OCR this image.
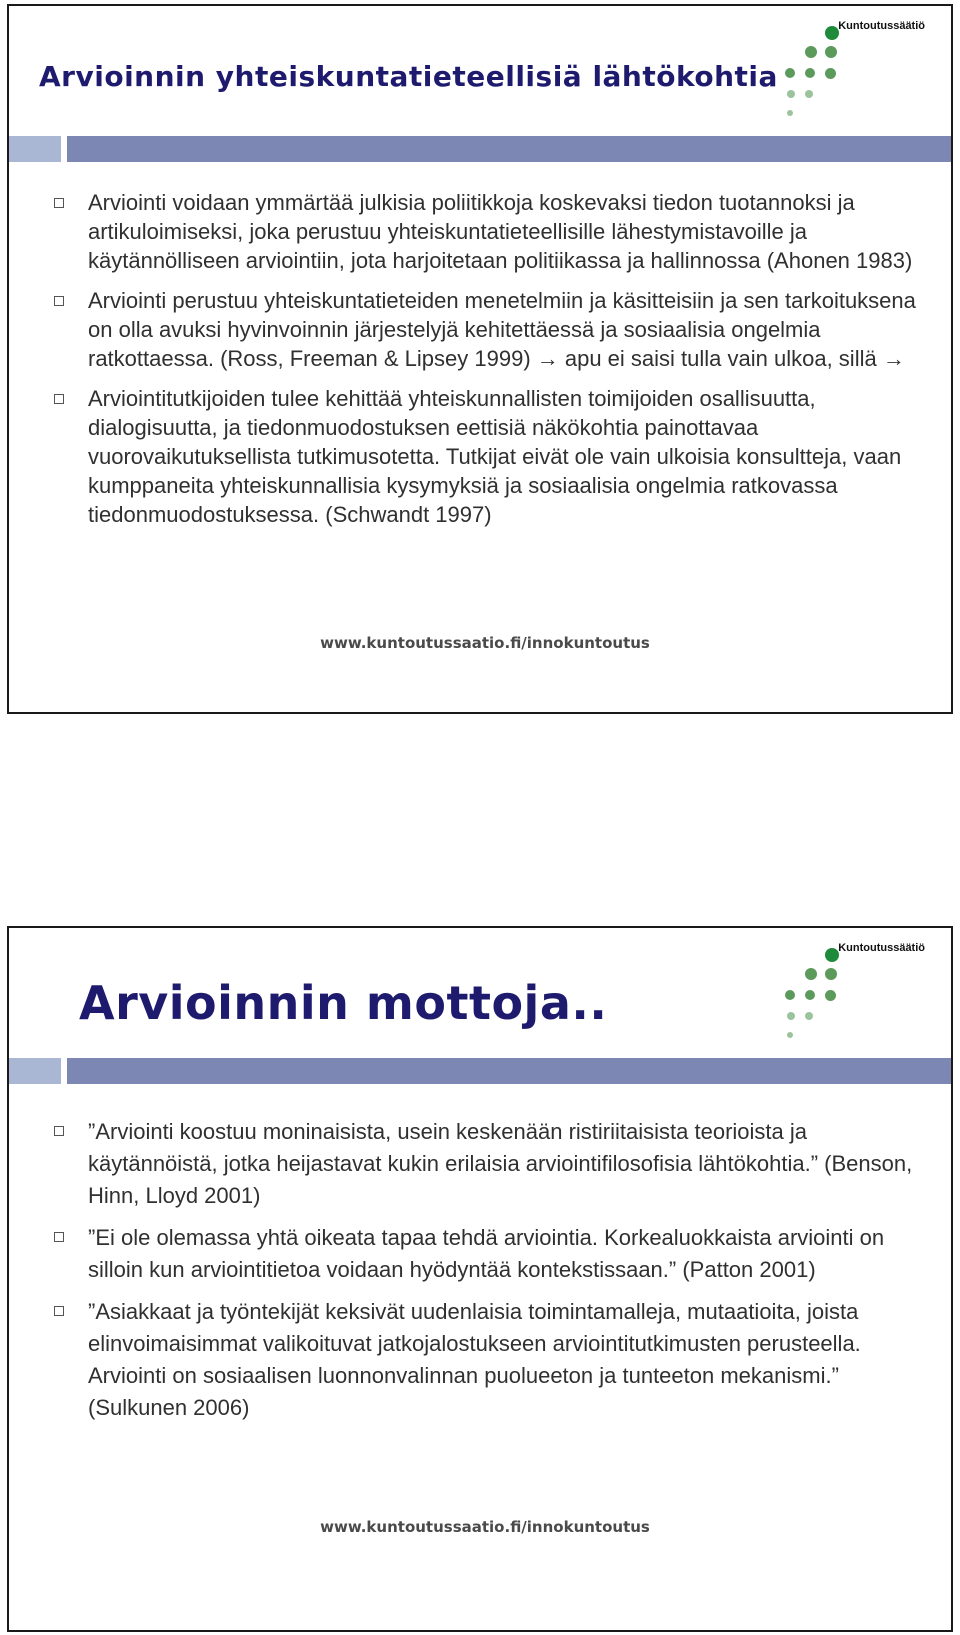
Kuntoutussäätiö
Arvioinnin yhteiskuntatieteellisiä lähtökohtia
Arviointi voidaan ymmärtää julkisia poliitikkoja koskevaksi tiedon tuotannoksi ja artikuloimiseksi, joka perustuu yhteiskuntatieteellisille lähestymistavoille ja käytännölliseen arviointiin, jota harjoitetaan politiikassa ja hallinnossa (Ahonen 1983)
Arviointi perustuu yhteiskuntatieteiden menetelmiin ja käsitteisiin ja sen tarkoituksena on olla avuksi hyvinvoinnin järjestelyjä kehitettäessä ja sosiaalisia ongelmia ratkottaessa. (Ross, Freeman & Lipsey 1999) → apu ei saisi tulla vain ulkoa, sillä →
Arviointitutkijoiden tulee kehittää yhteiskunnallisten toimijoiden osallisuutta, dialogisuutta, ja tiedonmuodostuksen eettisiä näkökohtia painottavaa vuorovaikutuksellista tutkimusotetta. Tutkijat eivät ole vain ulkoisia konsultteja, vaan kumppaneita yhteiskunnallisia kysymyksiä ja sosiaalisia ongelmia ratkovassa tiedonmuodostuksessa. (Schwandt 1997)
www.kuntoutussaatio.fi/innokuntoutus
Kuntoutussäätiö
Arvioinnin mottoja..
”Arviointi koostuu moninaisista, usein keskenään ristiriitaisista teorioista ja käytännöistä, jotka heijastavat kukin erilaisia arviointifilosofisia lähtökohtia.” (Benson, Hinn, Lloyd 2001)
”Ei ole olemassa yhtä oikeata tapaa tehdä arviointia. Korkealuokkaista arviointi on silloin kun arviointitietoa voidaan hyödyntää kontekstissaan.” (Patton 2001)
”Asiakkaat ja työntekijät keksivät uudenlaisia toimintamalleja, mutaatioita, joista elinvoimaisimmat valikoituvat jatkojalostukseen arviointitutkimusten perusteella. Arviointi on sosiaalisen luonnonvalinnan puolueeton ja tunteeton mekanismi.” (Sulkunen 2006)
www.kuntoutussaatio.fi/innokuntoutus
